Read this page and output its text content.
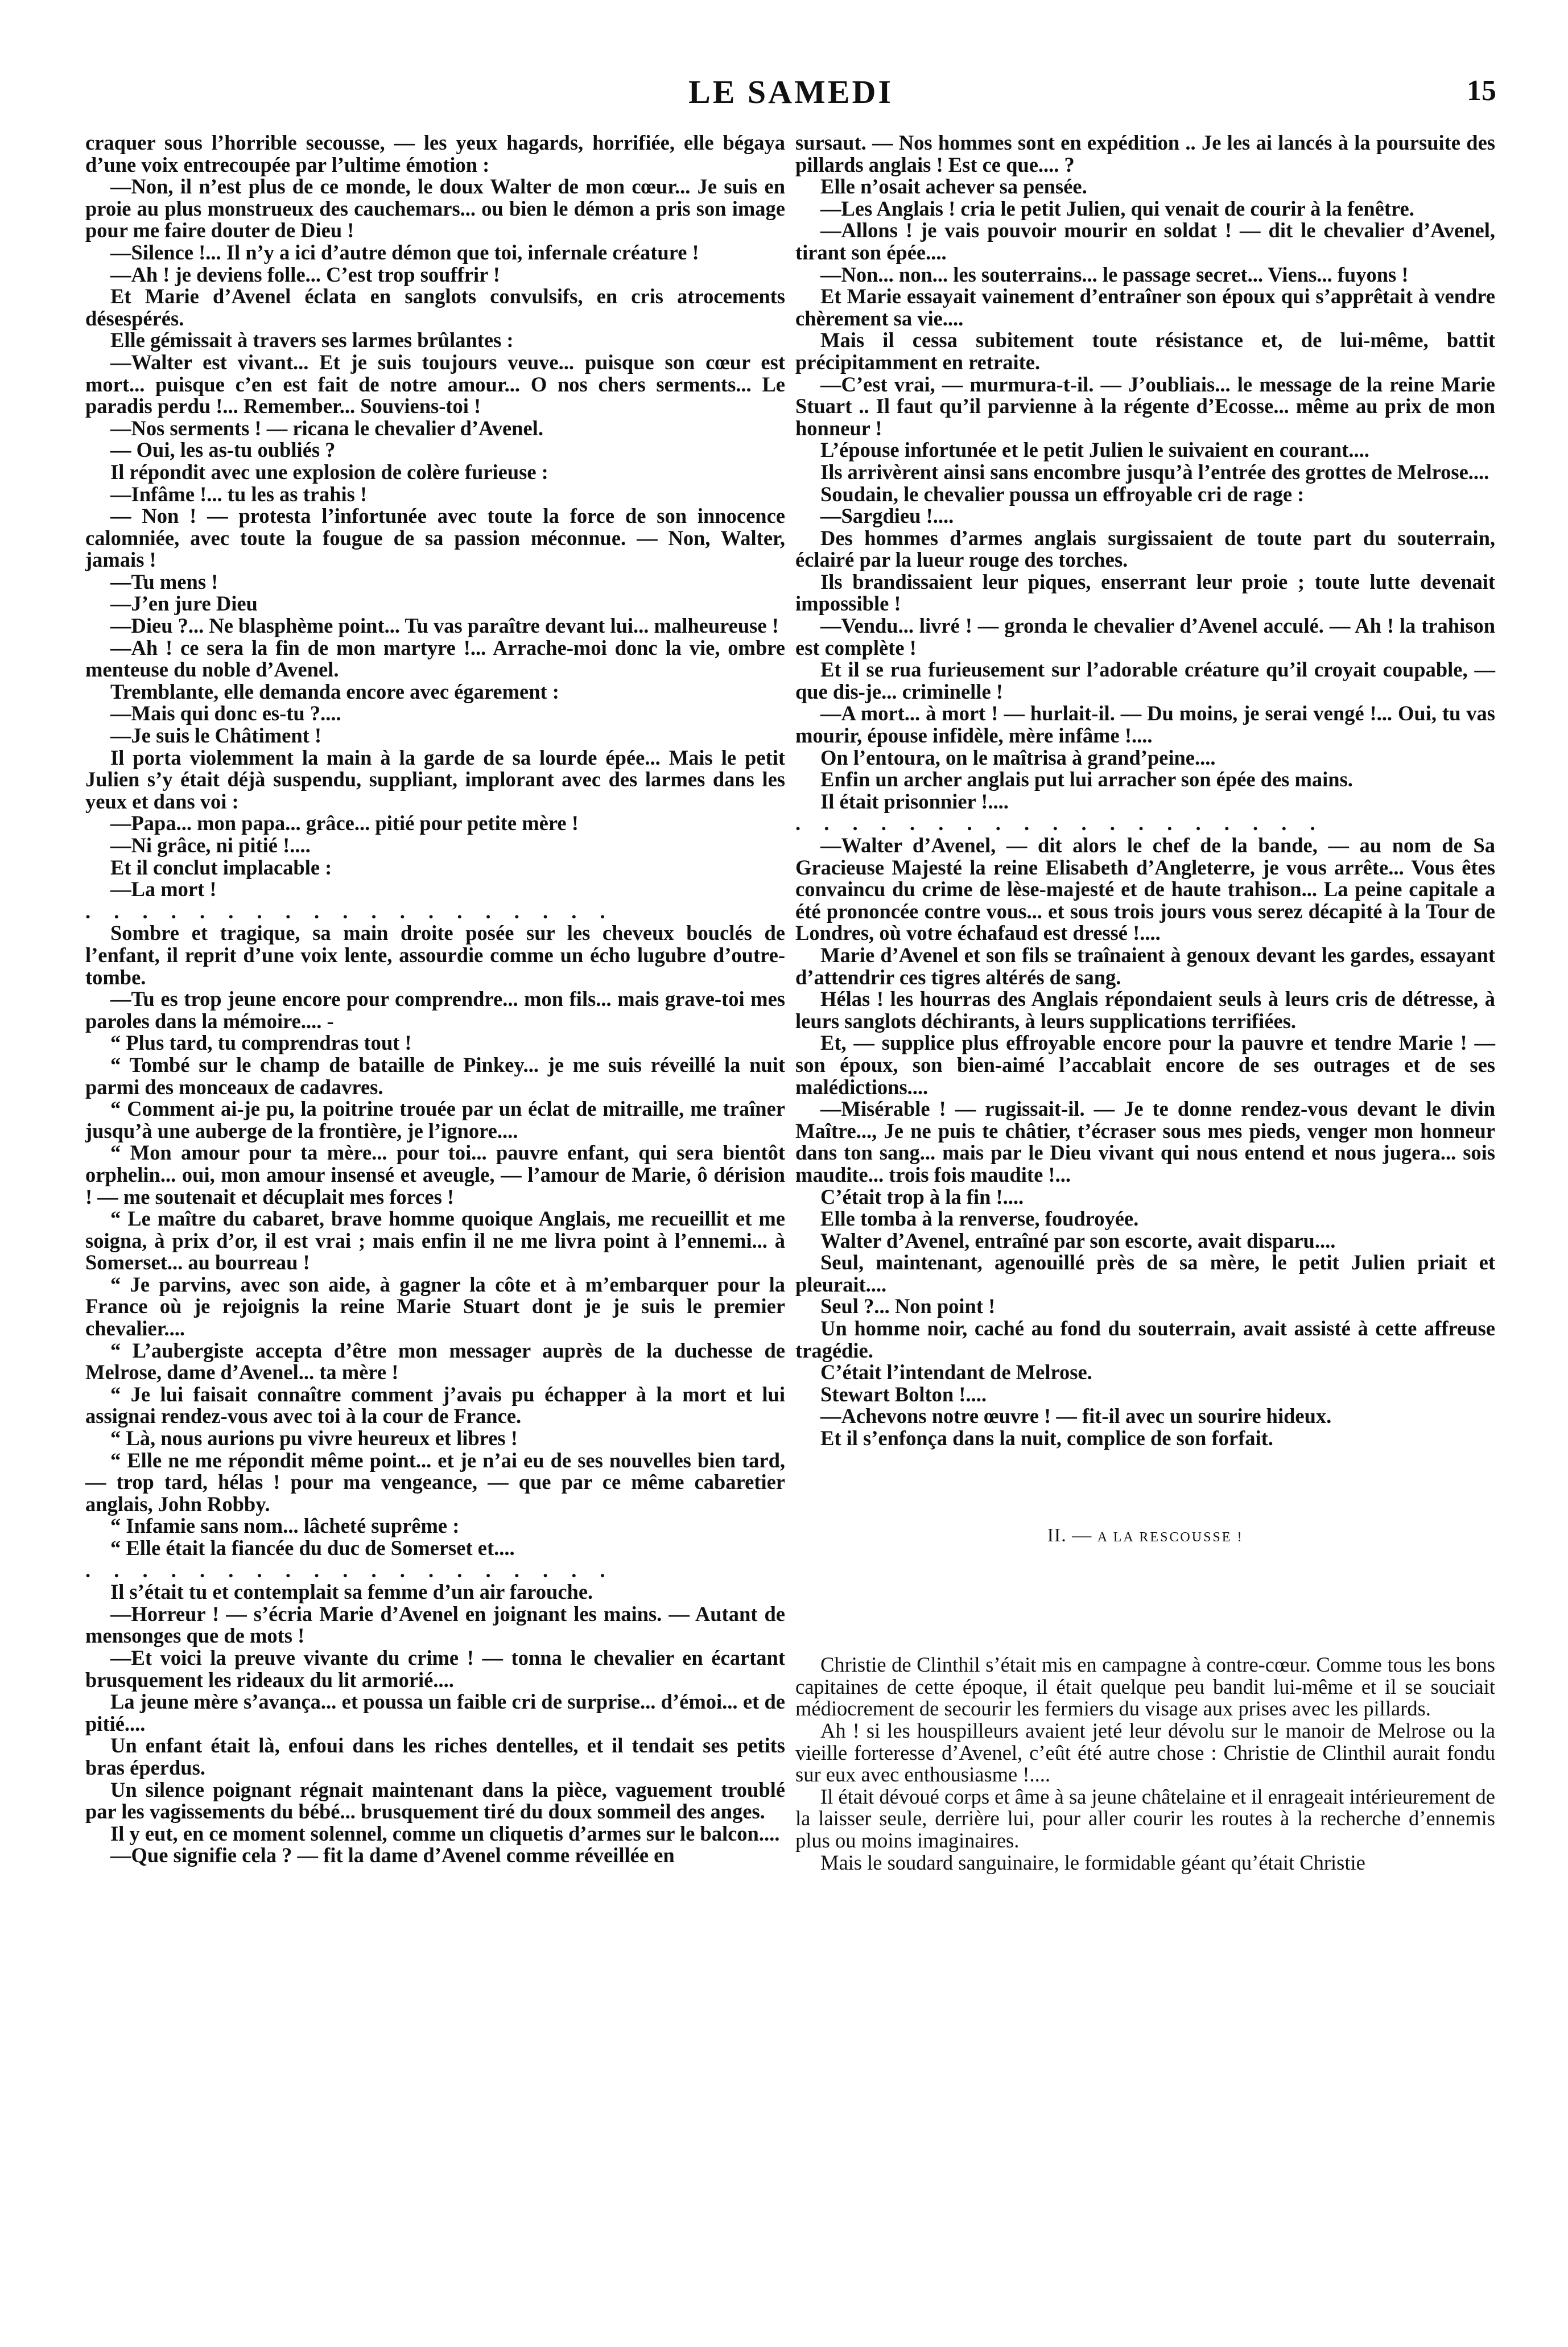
LE SAMEDI	15

craquer sous l’horrible secousse, — les yeux hagards, horrifiée, elle bégaya d’une voix entrecoupée par l’ultime émotion :

—Non, il n’est plus de ce monde, le doux Walter de mon cœur... Je suis en proie au plus monstrueux des cauchemars... ou bien le démon a pris son image pour me faire douter de Dieu !

—Silence !... Il n’y a ici d’autre démon que toi, infernale créature !

—Ah ! je deviens folle... C’est trop souffrir !

Et Marie d’Avenel éclata en sanglots convulsifs, en cris atrocements désespérés.

Elle gémissait à travers ses larmes brûlantes :

—Walter est vivant... Et je suis toujours veuve... puisque son cœur est mort... puisque c’en est fait de notre amour... O nos chers serments... Le paradis perdu !... Remember... Souviens-toi !

—Nos serments ! — ricana le chevalier d’Avenel.

— Oui, les as-tu oubliés ?

Il répondit avec une explosion de colère furieuse :

—Infâme !... tu les as trahis !

— Non ! — protesta l’infortunée avec toute la force de son innocence calomniée, avec toute la fougue de sa passion méconnue. — Non, Walter, jamais !

—Tu mens !

—J’en jure Dieu

—Dieu ?... Ne blasphème point... Tu vas paraître devant lui... malheureuse !

—Ah ! ce sera la fin de mon martyre !... Arrache-moi donc la vie, ombre menteuse du noble d’Avenel.

Tremblante, elle demanda encore avec égarement :

—Mais qui donc es-tu ?....

—Je suis le Châtiment !

Il porta violemment la main à la garde de sa lourde épée... Mais le petit Julien s’y était déjà suspendu, suppliant, implorant avec des larmes dans les yeux et dans voi :

—Papa... mon papa... grâce... pitié pour petite mère !

—Ni grâce, ni pitié !....

Et il conclut implacable :

—La mort !

. . . . . . . . . . . . . . . . . . .

Sombre et tragique, sa main droite posée sur les cheveux bouclés de l’enfant, il reprit d’une voix lente, assourdie comme un écho lugubre d’outre-tombe.

—Tu es trop jeune encore pour comprendre... mon fils... mais grave-toi mes paroles dans la mémoire.... -

“ Plus tard, tu comprendras tout !

“ Tombé sur le champ de bataille de Pinkey... je me suis réveillé la nuit parmi des monceaux de cadavres.

“ Comment ai-je pu, la poitrine trouée par un éclat de mitraille, me traîner jusqu’à une auberge de la frontière, je l’ignore....

“ Mon amour pour ta mère... pour toi... pauvre enfant, qui sera bientôt orphelin... oui, mon amour insensé et aveugle, — l’amour de Marie, ô dérision ! — me soutenait et décuplait mes forces !

“ Le maître du cabaret, brave homme quoique Anglais, me recueillit et me soigna, à prix d’or, il est vrai ; mais enfin il ne me livra point à l’ennemi... à Somerset... au bourreau !

“ Je parvins, avec son aide, à gagner la côte et à m’embarquer pour la France où je rejoignis la reine Marie Stuart dont je je suis le premier chevalier....

“ L’aubergiste accepta d’être mon messager auprès de la duchesse de Melrose, dame d’Avenel... ta mère !

“ Je lui faisait connaître comment j’avais pu échapper à la mort et lui assignai rendez-vous avec toi à la cour de France.

“ Là, nous aurions pu vivre heureux et libres !

“ Elle ne me répondit même point... et je n’ai eu de ses nouvelles bien tard, — trop tard, hélas ! pour ma vengeance, — que par ce même cabaretier anglais, John Robby.

“ Infamie sans nom... lâcheté suprême :

“ Elle était la fiancée du duc de Somerset et....

. . . . . . . . . . . . . . . . . . .

Il s’était tu et contemplait sa femme d’un air farouche.

—Horreur ! — s’écria Marie d’Avenel en joignant les mains. — Autant de mensonges que de mots !

—Et voici la preuve vivante du crime ! — tonna le chevalier en écartant brusquement les rideaux du lit armorié....

La jeune mère s’avança... et poussa un faible cri de surprise... d’émoi... et de pitié....

Un enfant était là, enfoui dans les riches dentelles, et il tendait ses petits bras éperdus.

Un silence poignant régnait maintenant dans la pièce, vaguement troublé par les vagissements du bébé... brusquement tiré du doux sommeil des anges.

Il y eut, en ce moment solennel, comme un cliquetis d’armes sur le balcon....

—Que signifie cela ? — fit la dame d’Avenel comme réveillée en

sursaut. — Nos hommes sont en expédition .. Je les ai lancés à la poursuite des pillards anglais ! Est ce que.... ?

Elle n’osait achever sa pensée.

—Les Anglais ! cria le petit Julien, qui venait de courir à la fenêtre.

—Allons ! je vais pouvoir mourir en soldat ! — dit le chevalier d’Avenel, tirant son épée....

—Non... non... les souterrains... le passage secret... Viens... fuyons !

Et Marie essayait vainement d’entraîner son époux qui s’apprêtait à vendre chèrement sa vie....

Mais il cessa subitement toute résistance et, de lui-même, battit précipitamment en retraite.

—C’est vrai, — murmura-t-il. — J’oubliais... le message de la reine Marie Stuart .. Il faut qu’il parvienne à la régente d’Ecosse... même au prix de mon honneur !

L’épouse infortunée et le petit Julien le suivaient en courant....

Ils arrivèrent ainsi sans encombre jusqu’à l’entrée des grottes de Melrose....

Soudain, le chevalier poussa un effroyable cri de rage :

—Sargdieu !....

Des hommes d’armes anglais surgissaient de toute part du souterrain, éclairé par la lueur rouge des torches.

Ils brandissaient leur piques, enserrant leur proie ; toute lutte devenait impossible !

—Vendu... livré ! — gronda le chevalier d’Avenel acculé. — Ah ! la trahison est complète !

Et il se rua furieusement sur l’adorable créature qu’il croyait coupable, — que dis-je... criminelle !

—A mort... à mort ! — hurlait-il. — Du moins, je serai vengé !... Oui, tu vas mourir, épouse infidèle, mère infâme !....

On l’entoura, on le maîtrisa à grand’peine....

Enfin un archer anglais put lui arracher son épée des mains.

Il était prisonnier !....

. . . . . . . . . . . . . . . . . . .

—Walter d’Avenel, — dit alors le chef de la bande, — au nom de Sa Gracieuse Majesté la reine Elisabeth d’Angleterre, je vous arrête... Vous êtes convaincu du crime de lèse-majesté et de haute trahison... La peine capitale a été prononcée contre vous... et sous trois jours vous serez décapité à la Tour de Londres, où votre échafaud est dressé !....

Marie d’Avenel et son fils se traînaient à genoux devant les gardes, essayant d’attendrir ces tigres altérés de sang.

Hélas ! les hourras des Anglais répondaient seuls à leurs cris de détresse, à leurs sanglots déchirants, à leurs supplications terrifiées.

Et, — supplice plus effroyable encore pour la pauvre et tendre Marie ! — son époux, son bien-aimé l’accablait encore de ses outrages et de ses malédictions....

—Misérable ! — rugissait-il. — Je te donne rendez-vous devant le divin Maître..., Je ne puis te châtier, t’écraser sous mes pieds, venger mon honneur dans ton sang... mais par le Dieu vivant qui nous entend et nous jugera... sois maudite... trois fois maudite !...

C’était trop à la fin !....

Elle tomba à la renverse, foudroyée.

Walter d’Avenel, entraîné par son escorte, avait disparu....

Seul, maintenant, agenouillé près de sa mère, le petit Julien priait et pleurait....

Seul ?... Non point !

Un homme noir, caché au fond du souterrain, avait assisté à cette affreuse tragédie.

C’était l’intendant de Melrose.

Stewart Bolton !....

—Achevons notre œuvre ! — fit-il avec un sourire hideux.

Et il s’enfonça dans la nuit, complice de son forfait.

II. — A LA RESCOUSSE !

Christie de Clinthil s’était mis en campagne à contre-cœur. Comme tous les bons capitaines de cette époque, il était quelque peu bandit lui-même et il se souciait médiocrement de secourir les fermiers du visage aux prises avec les pillards.

Ah ! si les houspilleurs avaient jeté leur dévolu sur le manoir de Melrose ou la vieille forteresse d’Avenel, c’eût été autre chose : Christie de Clinthil aurait fondu sur eux avec enthousiasme !....

Il était dévoué corps et âme à sa jeune châtelaine et il enrageait intérieurement de la laisser seule, derrière lui, pour aller courir les routes à la recherche d’ennemis plus ou moins imaginaires.

Mais le soudard sanguinaire, le formidable géant qu’était Christie
